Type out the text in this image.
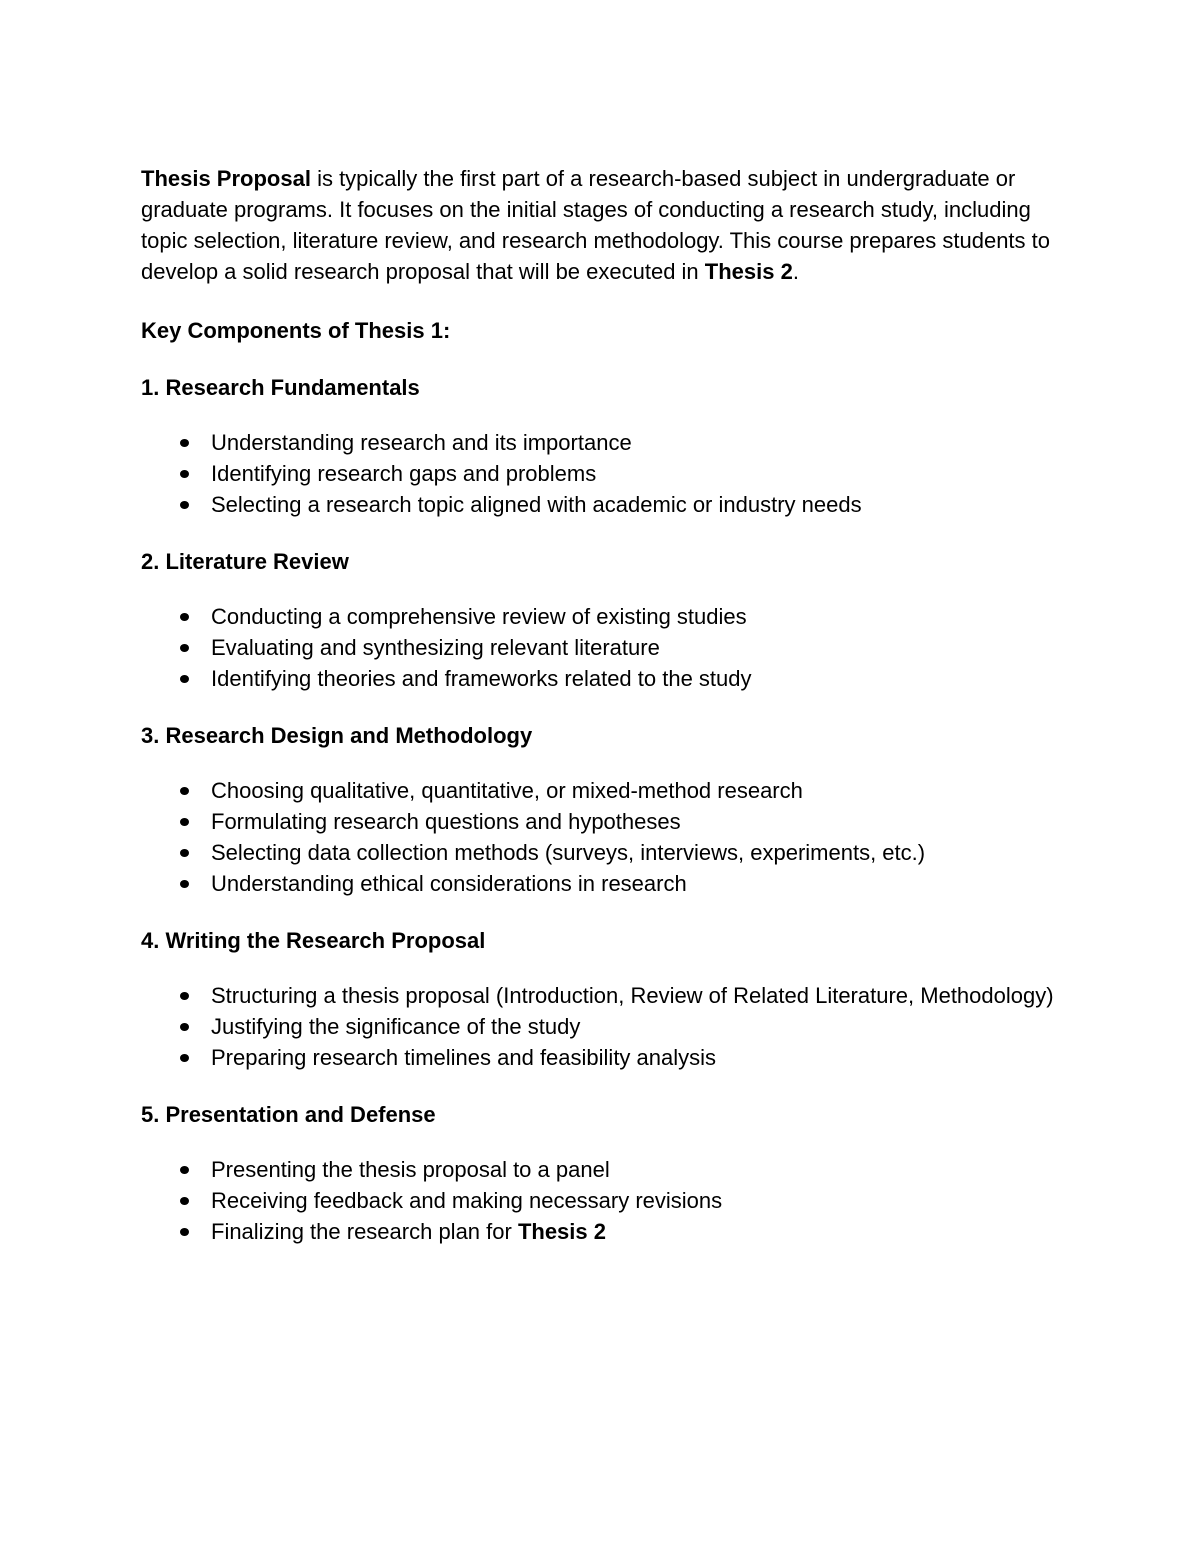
Thesis Proposal is typically the first part of a research-based subject in undergraduate or graduate programs. It focuses on the initial stages of conducting a research study, including topic selection, literature review, and research methodology. This course prepares students to develop a solid research proposal that will be executed in Thesis 2.

Key Components of Thesis 1:

1. Research Fundamentals

Understanding research and its importance
Identifying research gaps and problems
Selecting a research topic aligned with academic or industry needs

2. Literature Review

Conducting a comprehensive review of existing studies
Evaluating and synthesizing relevant literature
Identifying theories and frameworks related to the study

3. Research Design and Methodology

Choosing qualitative, quantitative, or mixed-method research
Formulating research questions and hypotheses
Selecting data collection methods (surveys, interviews, experiments, etc.)
Understanding ethical considerations in research

4. Writing the Research Proposal

Structuring a thesis proposal (Introduction, Review of Related Literature, Methodology)
Justifying the significance of the study
Preparing research timelines and feasibility analysis

5. Presentation and Defense

Presenting the thesis proposal to a panel
Receiving feedback and making necessary revisions
Finalizing the research plan for Thesis 2
